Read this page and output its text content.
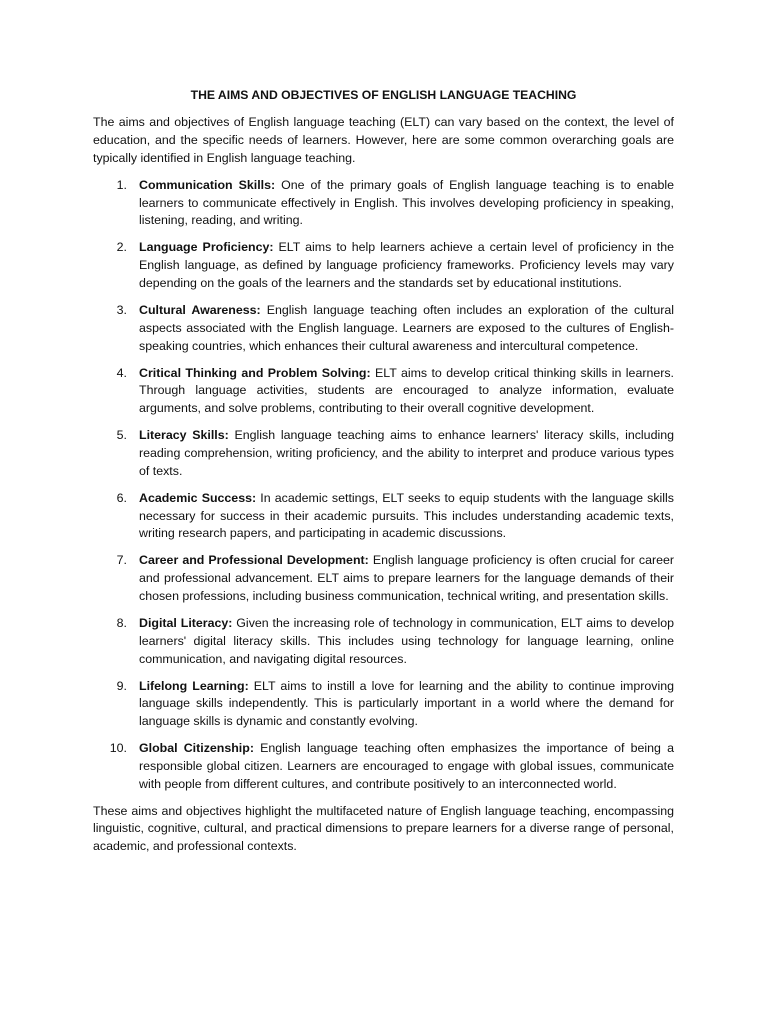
THE AIMS AND OBJECTIVES OF ENGLISH LANGUAGE TEACHING

The aims and objectives of English language teaching (ELT) can vary based on the context, the level of education, and the specific needs of learners. However, here are some common overarching goals are typically identified in English language teaching.

1. Communication Skills: One of the primary goals of English language teaching is to enable learners to communicate effectively in English. This involves developing proficiency in speaking, listening, reading, and writing.
2. Language Proficiency: ELT aims to help learners achieve a certain level of proficiency in the English language, as defined by language proficiency frameworks. Proficiency levels may vary depending on the goals of the learners and the standards set by educational institutions.
3. Cultural Awareness: English language teaching often includes an exploration of the cultural aspects associated with the English language. Learners are exposed to the cultures of English-speaking countries, which enhances their cultural awareness and intercultural competence.
4. Critical Thinking and Problem Solving: ELT aims to develop critical thinking skills in learners. Through language activities, students are encouraged to analyze information, evaluate arguments, and solve problems, contributing to their overall cognitive development.
5. Literacy Skills: English language teaching aims to enhance learners' literacy skills, including reading comprehension, writing proficiency, and the ability to interpret and produce various types of texts.
6. Academic Success: In academic settings, ELT seeks to equip students with the language skills necessary for success in their academic pursuits. This includes understanding academic texts, writing research papers, and participating in academic discussions.
7. Career and Professional Development: English language proficiency is often crucial for career and professional advancement. ELT aims to prepare learners for the language demands of their chosen professions, including business communication, technical writing, and presentation skills.
8. Digital Literacy: Given the increasing role of technology in communication, ELT aims to develop learners' digital literacy skills. This includes using technology for language learning, online communication, and navigating digital resources.
9. Lifelong Learning: ELT aims to instill a love for learning and the ability to continue improving language skills independently. This is particularly important in a world where the demand for language skills is dynamic and constantly evolving.
10. Global Citizenship: English language teaching often emphasizes the importance of being a responsible global citizen. Learners are encouraged to engage with global issues, communicate with people from different cultures, and contribute positively to an interconnected world.

These aims and objectives highlight the multifaceted nature of English language teaching, encompassing linguistic, cognitive, cultural, and practical dimensions to prepare learners for a diverse range of personal, academic, and professional contexts.
